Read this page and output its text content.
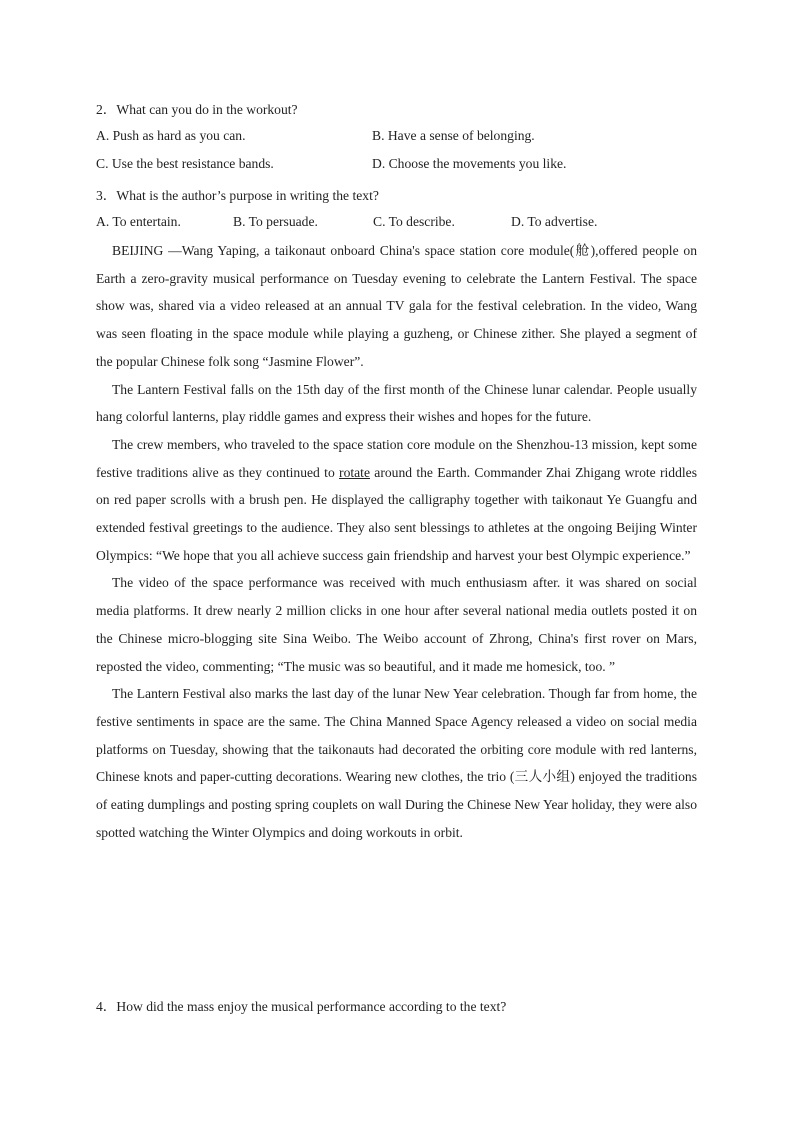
2．What can you do in the workout?
A. Push as hard as you can.	B. Have a sense of belonging.
C. Use the best resistance bands.	D. Choose the movements you like.
3．What is the author’s purpose in writing the text?
A. To entertain.	B. To persuade.	C. To describe.	D. To advertise.

BEIJING —Wang Yaping, a taikonaut onboard China's space station core module(舱),offered people on Earth a zero-gravity musical performance on Tuesday evening to celebrate the Lantern Festival. The space show was, shared via a video released at an annual TV gala for the festival celebration. In the video, Wang was seen floating in the space module while playing a guzheng, or Chinese zither. She played a segment of the popular Chinese folk song “Jasmine Flower”.

The Lantern Festival falls on the 15th day of the first month of the Chinese lunar calendar. People usually hang colorful lanterns, play riddle games and express their wishes and hopes for the future.

The crew members, who traveled to the space station core module on the Shenzhou-13 mission, kept some festive traditions alive as they continued to rotate around the Earth. Commander Zhai Zhigang wrote riddles on red paper scrolls with a brush pen. He displayed the calligraphy together with taikonaut Ye Guangfu and extended festival greetings to the audience. They also sent blessings to athletes at the ongoing Beijing Winter Olympics: “We hope that you all achieve success gain friendship and harvest your best Olympic experience.”

The video of the space performance was received with much enthusiasm after. it was shared on social media platforms. It drew nearly 2 million clicks in one hour after several national media outlets posted it on the Chinese micro-blogging site Sina Weibo. The Weibo account of Zhrong, China's first rover on Mars, reposted the video, commenting; “The music was so beautiful, and it made me homesick, too. ”

The Lantern Festival also marks the last day of the lunar New Year celebration. Though far from home, the festive sentiments in space are the same. The China Manned Space Agency released a video on social media platforms on Tuesday, showing that the taikonauts had decorated the orbiting core module with red lanterns, Chinese knots and paper-cutting decorations. Wearing new clothes, the trio (三人小组) enjoyed the traditions of eating dumplings and posting spring couplets on wall During the Chinese New Year holiday, they were also spotted watching the Winter Olympics and doing workouts in orbit.

4．How did the mass enjoy the musical performance according to the text?
